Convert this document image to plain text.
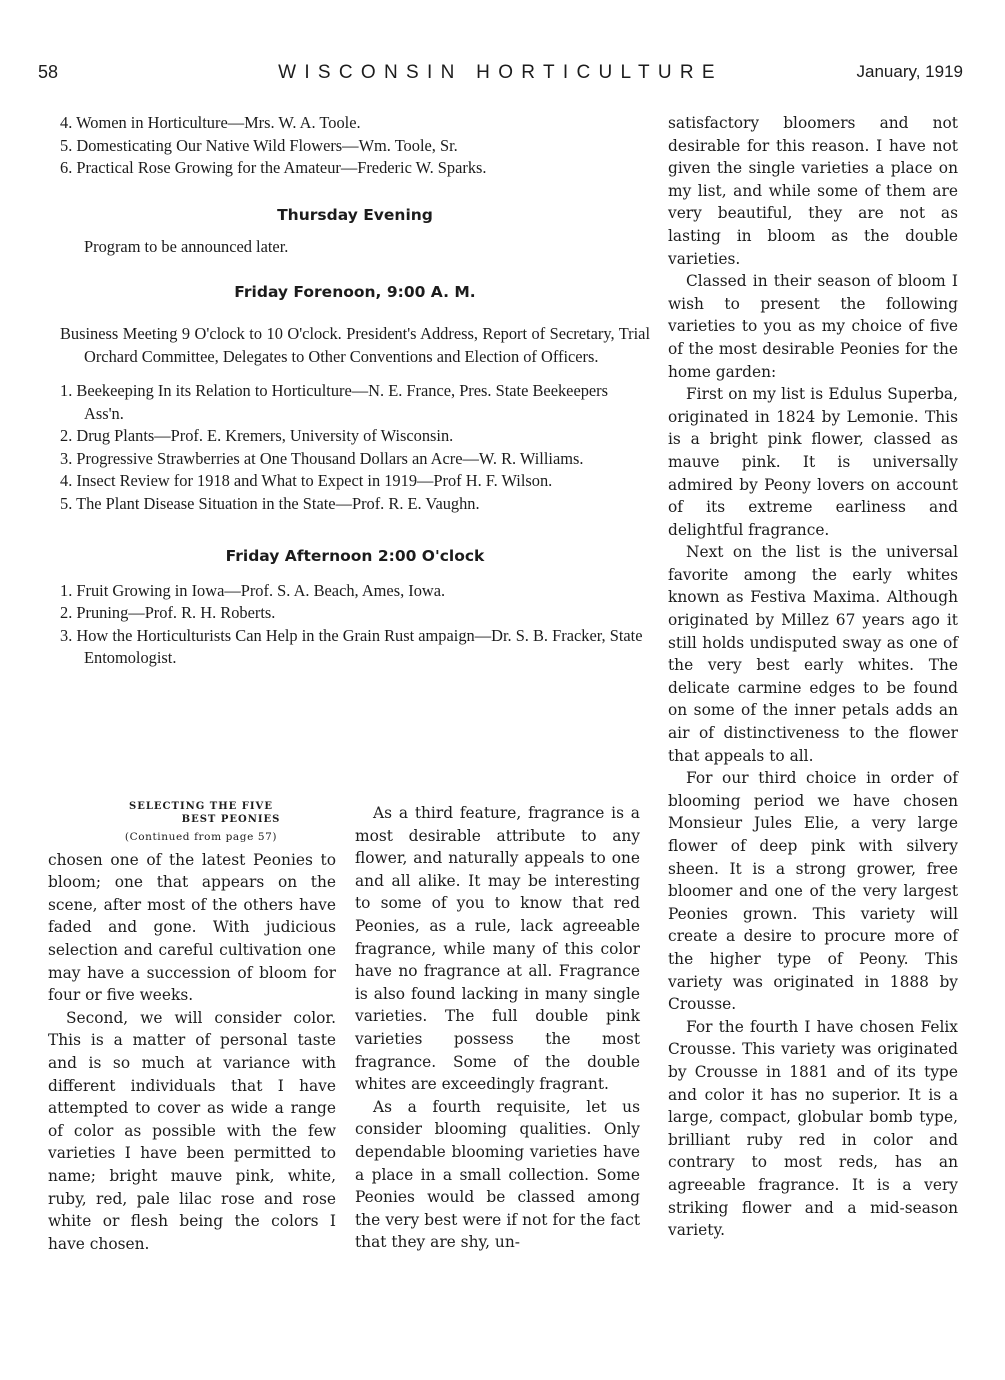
58	WISCONSIN HORTICULTURE	January, 1919
4. Women in Horticulture—Mrs. W. A. Toole.
5. Domesticating Our Native Wild Flowers—Wm. Toole, Sr.
6. Practical Rose Growing for the Amateur—Frederic W. Sparks.

Thursday Evening

Program to be announced later.

Friday Forenoon, 9:00 A. M.

Business Meeting 9 O'clock to 10 O'clock. President's Address, Report of Secretary, Trial Orchard Committee, Delegates to Other Conventions and Election of Officers.

1. Beekeeping In its Relation to Horticulture—N. E. France, Pres. State Beekeepers Ass'n.
2. Drug Plants—Prof. E. Kremers, University of Wisconsin.
3. Progressive Strawberries at One Thousand Dollars an Acre—W. R. Williams.
4. Insect Review for 1918 and What to Expect in 1919—Prof H. F. Wilson.
5. The Plant Disease Situation in the State—Prof. R. E. Vaughn.

Friday Afternoon 2:00 O'clock

1. Fruit Growing in Iowa—Prof. S. A. Beach, Ames, Iowa.
2. Pruning—Prof. R. H. Roberts.
3. How the Horticulturists Can Help in the Grain Rust ampaign—Dr. S. B. Fracker, State Entomologist.

SELECTING THE FIVE

BEST PEONIES

(Continued from page 57)

chosen one of the latest Peonies to bloom; one that appears on the scene, after most of the others have faded and gone. With judicious selection and careful cultivation one may have a succession of bloom for four or five weeks.

Second, we will consider color. This is a matter of personal taste and is so much at variance with different individuals that I have attempted to cover as wide a range of color as possible with the few varieties I have been permitted to name; bright mauve pink, white, ruby, red, pale lilac rose and rose white or flesh being the colors I have chosen.

As a third feature, fragrance is a most desirable attribute to any flower, and naturally appeals to one and all alike. It may be interesting to some of you to know that red Peonies, as a rule, lack agreeable fragrance, while many of this color have no fragrance at all. Fragrance is also found lacking in many single varieties. The full double pink varieties possess the most fragrance. Some of the double whites are exceedingly fragrant.

As a fourth requisite, let us consider blooming qualities. Only dependable blooming varieties have a place in a small collection. Some Peonies would be classed among the very best were if not for the fact that they are shy, un-

satisfactory bloomers and not desirable for this reason. I have not given the single varieties a place on my list, and while some of them are very beautiful, they are not as lasting in bloom as the double varieties.

Classed in their season of bloom I wish to present the following varieties to you as my choice of five of the most desirable Peonies for the home garden:

First on my list is Edulus Superba, originated in 1824 by Lemonie. This is a bright pink flower, classed as mauve pink. It is universally admired by Peony lovers on account of its extreme earliness and delightful fragrance.

Next on the list is the universal favorite among the early whites known as Festiva Maxima. Although originated by Millez 67 years ago it still holds undisputed sway as one of the very best early whites. The delicate carmine edges to be found on some of the inner petals adds an air of distinctiveness to the flower that appeals to all.

For our third choice in order of blooming period we have chosen Monsieur Jules Elie, a very large flower of deep pink with silvery sheen. It is a strong grower, free bloomer and one of the very largest Peonies grown. This variety will create a desire to procure more of the higher type of Peony. This variety was originated in 1888 by Crousse.

For the fourth I have chosen Felix Crousse. This variety was originated by Crousse in 1881 and of its type and color it has no superior. It is a large, compact, globular bomb type, brilliant ruby red in color and contrary to most reds, has an agreeable fragrance. It is a very striking flower and a mid-season variety.
